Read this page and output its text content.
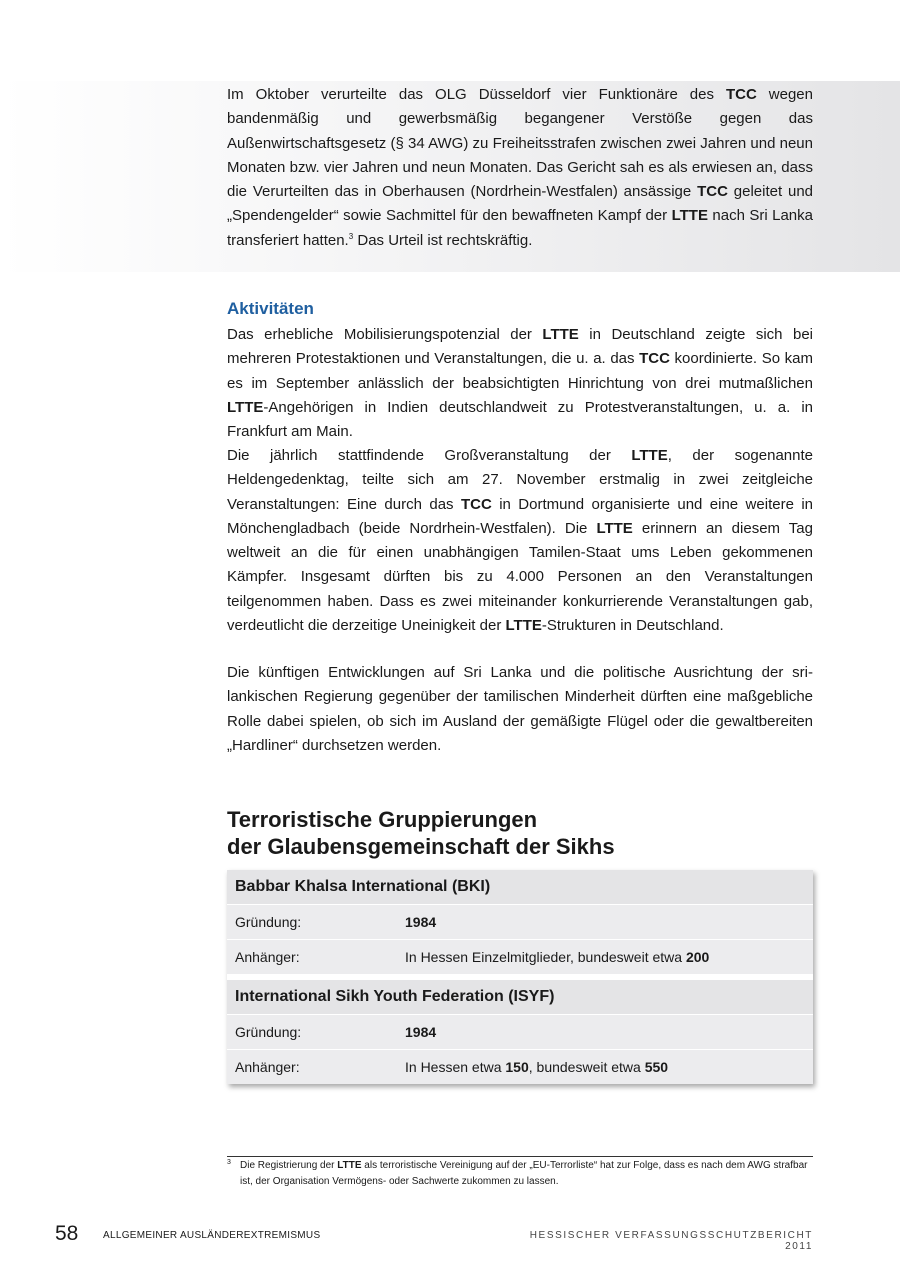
Im Oktober verurteilte das OLG Düsseldorf vier Funktionäre des TCC wegen bandenmäßig und gewerbsmäßig begangener Verstöße gegen das Außenwirtschaftsgesetz (§ 34 AWG) zu Freiheitsstrafen zwischen zwei Jahren und neun Monaten bzw. vier Jahren und neun Monaten. Das Gericht sah es als erwiesen an, dass die Verurteilten das in Oberhausen (Nordrhein-Westfalen) ansässige TCC geleitet und „Spendengelder“ sowie Sachmittel für den bewaffneten Kampf der LTTE nach Sri Lanka transferiert hatten.$^3$ Das Urteil ist rechtskräftig.

Aktivitäten

Das erhebliche Mobilisierungspotenzial der LTTE in Deutschland zeigte sich bei mehreren Protestaktionen und Veranstaltungen, die u. a. das TCC koordinierte. So kam es im September anlässlich der beabsichtigten Hinrichtung von drei mutmaßlichen LTTE-Angehörigen in Indien deutschlandweit zu Protestveranstaltungen, u. a. in Frankfurt am Main.

Die jährlich stattfindende Großveranstaltung der LTTE, der sogenannte Heldengedenktag, teilte sich am 27. November erstmalig in zwei zeitgleiche Veranstaltungen: Eine durch das TCC in Dortmund organisierte und eine weitere in Mönchengladbach (beide Nordrhein-Westfalen). Die LTTE erinnern an diesem Tag weltweit an die für einen unabhängigen Tamilen-Staat ums Leben gekommenen Kämpfer. Insgesamt dürften bis zu 4.000 Personen an den Veranstaltungen teilgenommen haben. Dass es zwei miteinander konkurrierende Veranstaltungen gab, verdeutlicht die derzeitige Uneinigkeit der LTTE-Strukturen in Deutschland.

Die künftigen Entwicklungen auf Sri Lanka und die politische Ausrichtung der sri-lankischen Regierung gegenüber der tamilischen Minderheit dürften eine maßgebliche Rolle dabei spielen, ob sich im Ausland der gemäßigte Flügel oder die gewaltbereiten „Hardliner“ durchsetzen werden.

Terroristische Gruppierungen
der Glaubensgemeinschaft der Sikhs
Babbar Khalsa International (BKI)
Gründung:	1984
Anhänger:	In Hessen Einzelmitglieder, bundesweit etwa 200
International Sikh Youth Federation (ISYF)
Gründung:	1984
Anhänger:	In Hessen etwa 150, bundesweit etwa 550
3 Die Registrierung der LTTE als terroristische Vereinigung auf der „EU-Terrorliste“ hat zur Folge, dass es nach dem AWG strafbar ist, der Organisation Vermögens- oder Sachwerte zukommen zu lassen.
58 ALLGEMEINER AUSLÄNDEREXTREMISMUS	HESSISCHER VERFASSUNGSSCHUTZBERICHT 2011
